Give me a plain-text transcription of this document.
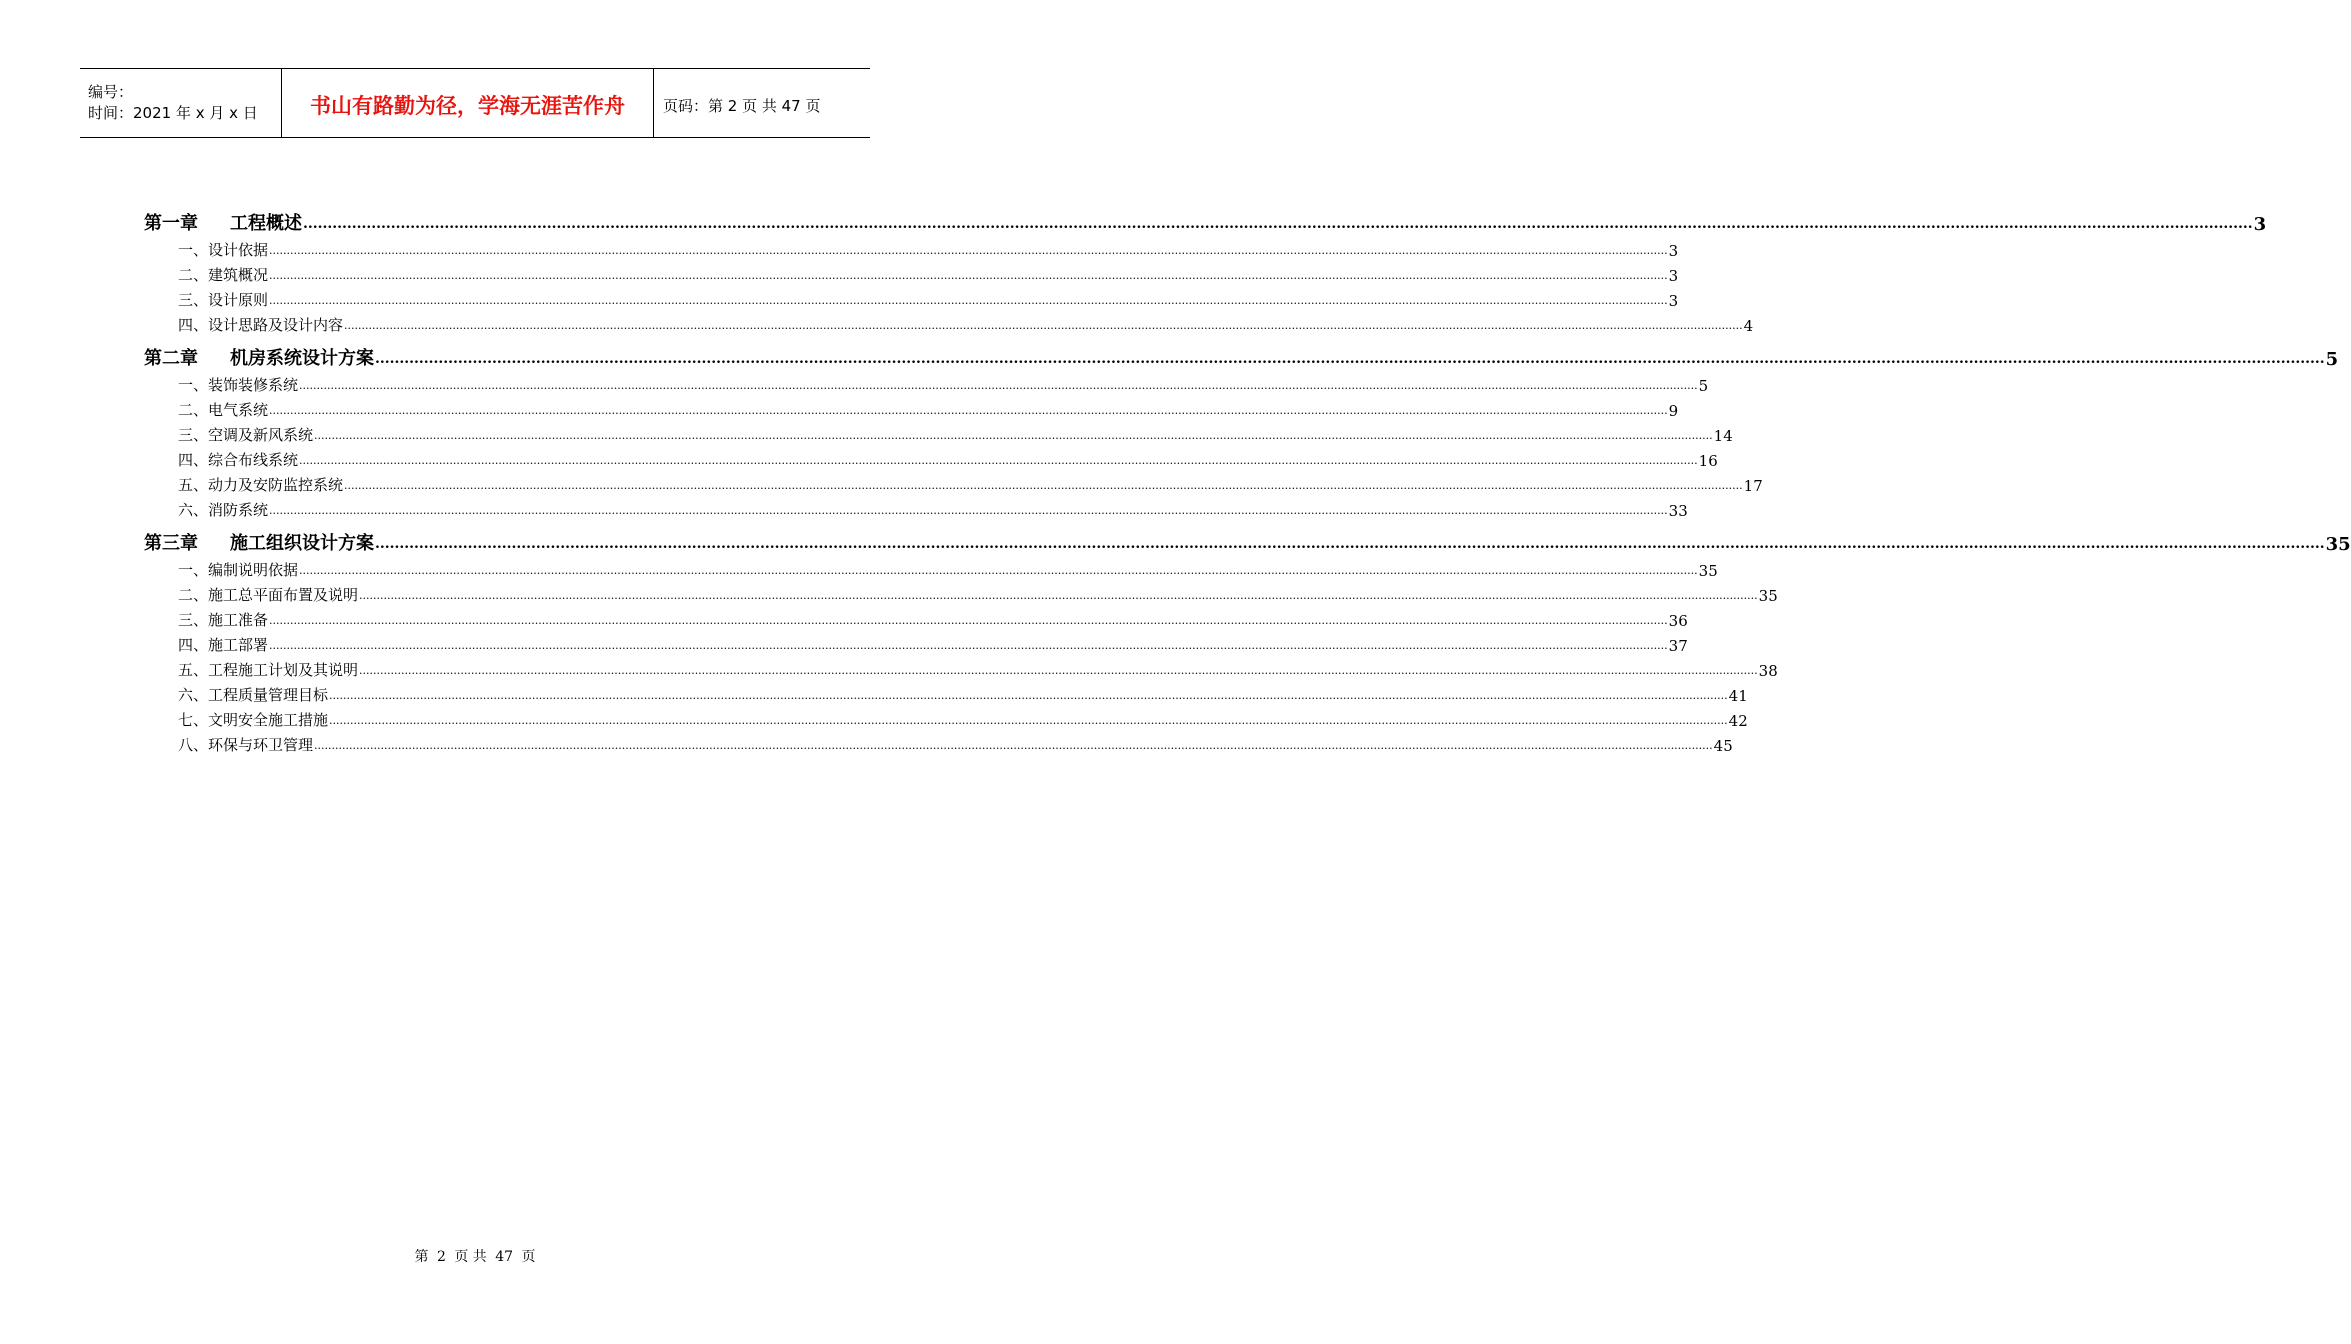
编号：
时间：2021 年 x 月 x 日	书山有路勤为径，学海无涯苦作舟	页码：第 2 页 共 47 页
第一章 工程概述 ................................................................................................................................................................................................................................................................................................................................................................................................................ 3
一、设计依据 ................................................................................................................................................................................................................................................................................................................................................................................................................ 3
二、建筑概况 ................................................................................................................................................................................................................................................................................................................................................................................................................ 3
三、设计原则 ................................................................................................................................................................................................................................................................................................................................................................................................................ 3
四、设计思路及设计内容 ................................................................................................................................................................................................................................................................................................................................................................................................................ 4
第二章 机房系统设计方案 ................................................................................................................................................................................................................................................................................................................................................................................................................ 5
一、装饰装修系统 ................................................................................................................................................................................................................................................................................................................................................................................................................ 5
二、电气系统 ................................................................................................................................................................................................................................................................................................................................................................................................................ 9
三、空调及新风系统 ................................................................................................................................................................................................................................................................................................................................................................................................................ 14
四、综合布线系统 ................................................................................................................................................................................................................................................................................................................................................................................................................ 16
五、动力及安防监控系统 ................................................................................................................................................................................................................................................................................................................................................................................................................ 17
六、消防系统 ................................................................................................................................................................................................................................................................................................................................................................................................................ 33
第三章 施工组织设计方案 ................................................................................................................................................................................................................................................................................................................................................................................................................ 35
一、编制说明依据 ................................................................................................................................................................................................................................................................................................................................................................................................................ 35
二、施工总平面布置及说明 ................................................................................................................................................................................................................................................................................................................................................................................................................ 35
三、施工准备 ................................................................................................................................................................................................................................................................................................................................................................................................................ 36
四、施工部署 ................................................................................................................................................................................................................................................................................................................................................................................................................ 37
五、工程施工计划及其说明 ................................................................................................................................................................................................................................................................................................................................................................................................................ 38
六、工程质量管理目标 ................................................................................................................................................................................................................................................................................................................................................................................................................ 41
七、文明安全施工措施 ................................................................................................................................................................................................................................................................................................................................................................................................................ 42
八、环保与环卫管理 ................................................................................................................................................................................................................................................................................................................................................................................................................ 45
第 2 页 共 47 页
